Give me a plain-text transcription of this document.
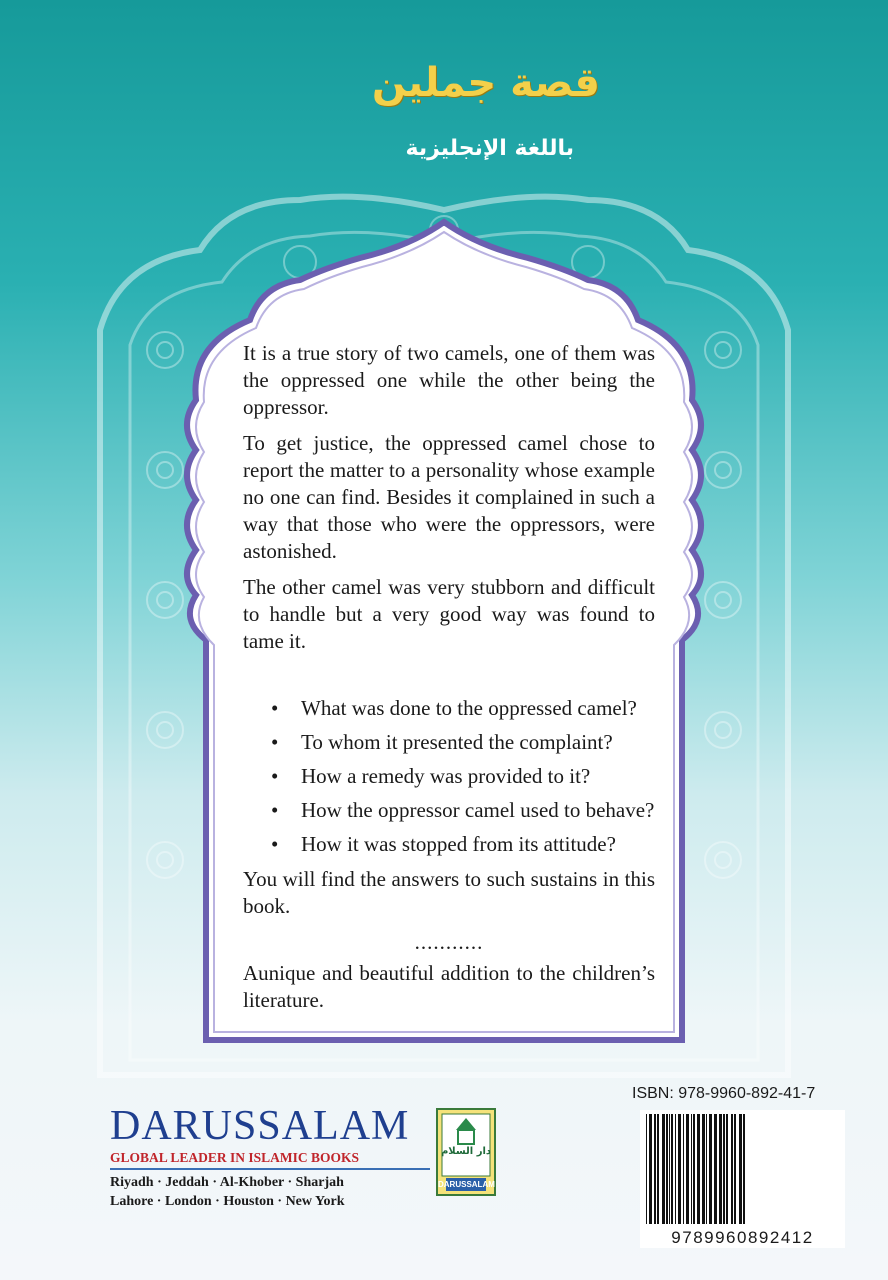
قصة جملين
باللغة الإنجليزية

It is a true story of two camels, one of them was the oppressed one while the other being the oppressor.

To get justice, the oppressed camel chose to report the matter to a personality whose example no one can find. Besides it complained in such a way that those who were the oppressors, were astonished.

The other camel was very stubborn and difficult to handle but a very good way was found to tame it.

• What was done to the oppressed camel?
• To whom it presented the complaint?
• How a remedy was provided to it?
• How the oppressor camel used to behave?
• How it was stopped from its attitude?

You will find the answers to such sustains in this book.

...........

Aunique and beautiful addition to the children’s literature.

DARUSSALAM
GLOBAL LEADER IN ISLAMIC BOOKS
Riyadh · Jeddah · Al-Khober · Sharjah
Lahore · London · Houston · New York
دار السلام
DARUSSALAM
ISBN: 978-9960-892-41-7
9789960892412
